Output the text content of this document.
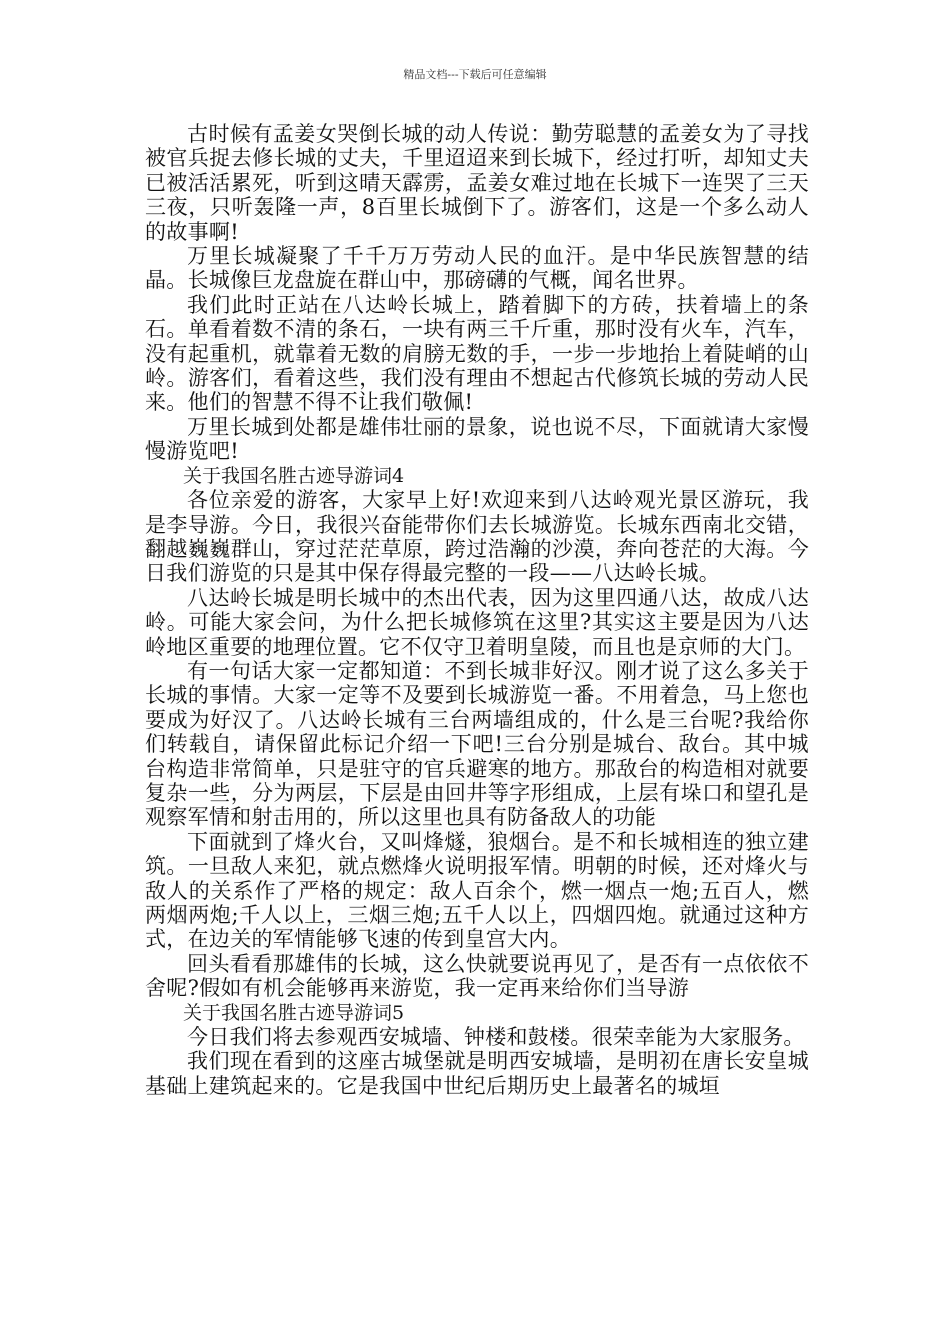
精品文档---下载后可任意编辑

古时候有孟姜女哭倒长城的动人传说：勤劳聪慧的孟姜女为了寻找被官兵捉去修长城的丈夫，千里迢迢来到长城下，经过打听，却知丈夫已被活活累死，听到这晴天霹雳，孟姜女难过地在长城下一连哭了三天三夜，只听轰隆一声，8百里长城倒下了。游客们，这是一个多么动人的故事啊!

万里长城凝聚了千千万万劳动人民的血汗。是中华民族智慧的结晶。长城像巨龙盘旋在群山中，那磅礴的气概，闻名世界。

我们此时正站在八达岭长城上，踏着脚下的方砖，扶着墙上的条石。单看着数不清的条石，一块有两三千斤重，那时没有火车，汽车，没有起重机，就靠着无数的肩膀无数的手，一步一步地抬上着陡峭的山岭。游客们，看着这些，我们没有理由不想起古代修筑长城的劳动人民来。他们的智慧不得不让我们敬佩!

万里长城到处都是雄伟壮丽的景象，说也说不尽，下面就请大家慢慢游览吧!

关于我国名胜古迹导游词4

各位亲爱的游客，大家早上好!欢迎来到八达岭观光景区游玩，我是李导游。今日，我很兴奋能带你们去长城游览。长城东西南北交错，翻越巍巍群山，穿过茫茫草原，跨过浩瀚的沙漠，奔向苍茫的大海。今日我们游览的只是其中保存得最完整的一段——八达岭长城。

八达岭长城是明长城中的杰出代表，因为这里四通八达，故成八达岭。可能大家会问，为什么把长城修筑在这里?其实这主要是因为八达岭地区重要的地理位置。它不仅守卫着明皇陵，而且也是京师的大门。

有一句话大家一定都知道：不到长城非好汉。刚才说了这么多关于长城的事情。大家一定等不及要到长城游览一番。不用着急，马上您也要成为好汉了。八达岭长城有三台两墙组成的，什么是三台呢?我给你们转载自，请保留此标记介绍一下吧!三台分别是城台、敌台。其中城台构造非常简单，只是驻守的官兵避寒的地方。那敌台的构造相对就要复杂一些，分为两层，下层是由回井等字形组成，上层有垛口和望孔是观察军情和射击用的，所以这里也具有防备敌人的功能

下面就到了烽火台，又叫烽燧，狼烟台。是不和长城相连的独立建筑。一旦敌人来犯，就点燃烽火说明报军情。明朝的时候，还对烽火与敌人的关系作了严格的规定：敌人百余个，燃一烟点一炮;五百人，燃两烟两炮;千人以上，三烟三炮;五千人以上，四烟四炮。就通过这种方式，在边关的军情能够飞速的传到皇宫大内。

回头看看那雄伟的长城，这么快就要说再见了，是否有一点依依不舍呢?假如有机会能够再来游览，我一定再来给你们当导游

关于我国名胜古迹导游词5

今日我们将去参观西安城墙、钟楼和鼓楼。很荣幸能为大家服务。

我们现在看到的这座古城堡就是明西安城墙，是明初在唐长安皇城基础上建筑起来的。它是我国中世纪后期历史上最著名的城垣
